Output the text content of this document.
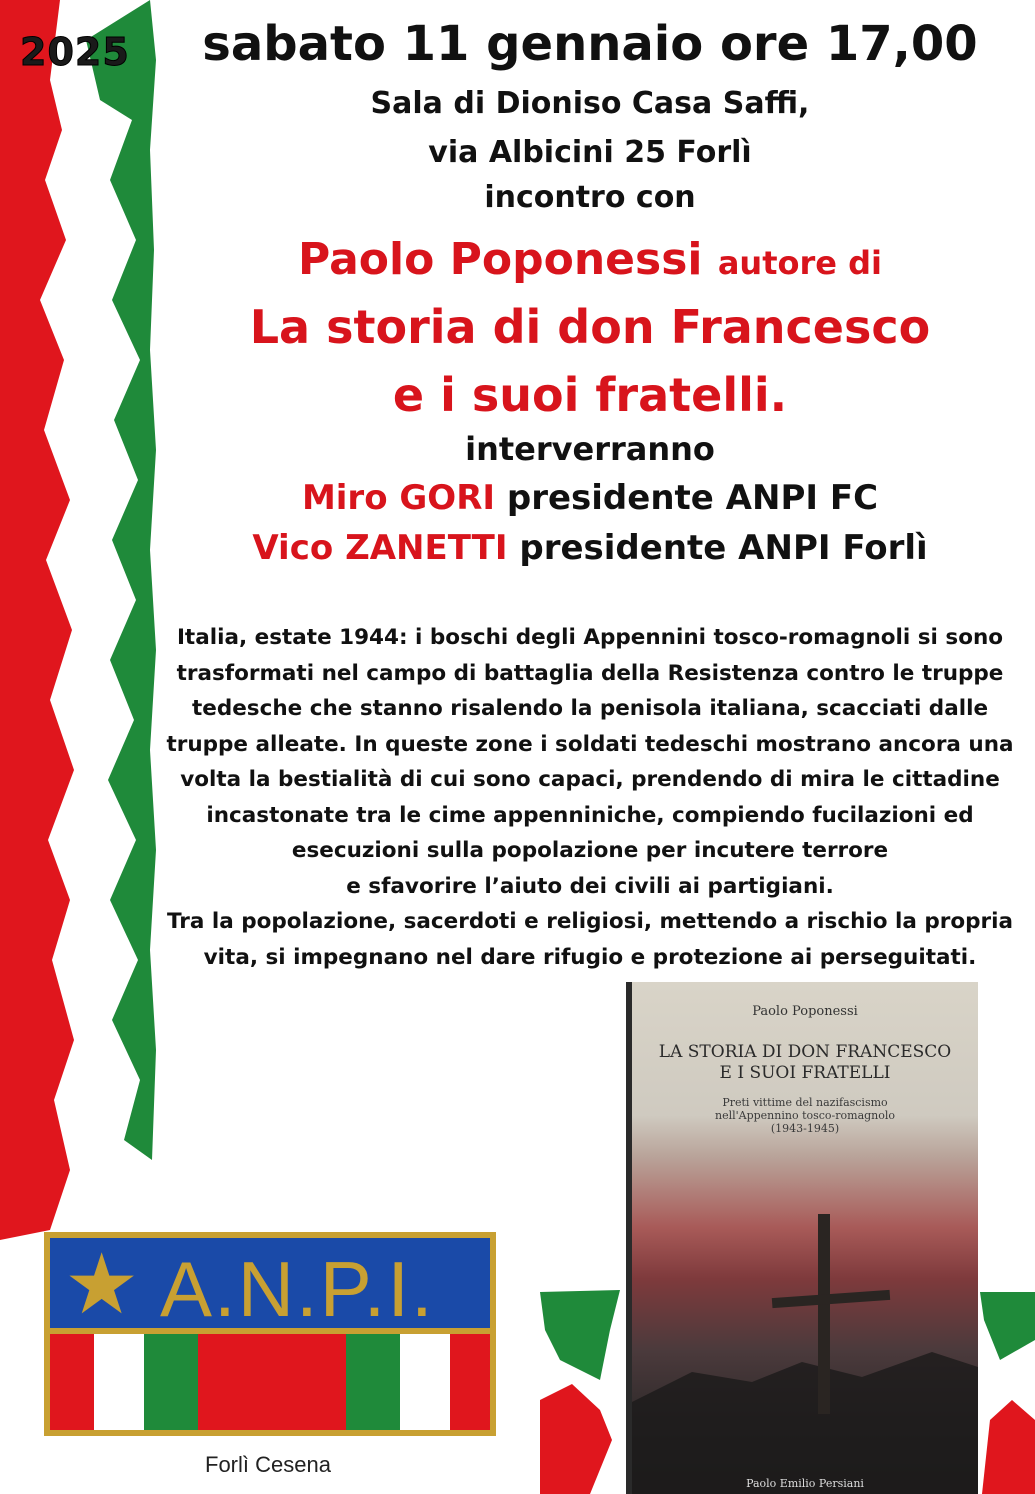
2025	sabato 11 gennaio ore 17,00
Sala di Dioniso Casa Saffi,
via Albicini 25 Forlì
incontro con
Paolo Poponessi autore di
La storia di don Francesco
e i suoi fratelli.
interverranno
Miro GORI presidente ANPI FC
Vico ZANETTI presidente ANPI Forlì

Italia, estate 1944: i boschi degli Appennini tosco-romagnoli si sono

trasformati nel campo di battaglia della Resistenza contro le truppe

tedesche che stanno risalendo la penisola italiana, scacciati dalle

truppe alleate. In queste zone i soldati tedeschi mostrano ancora una

volta la bestialità di cui sono capaci, prendendo di mira le cittadine

incastonate tra le cime appenniniche, compiendo fucilazioni ed

esecuzioni sulla popolazione per incutere terrore

e sfavorire l’aiuto dei civili ai partigiani.

Tra la popolazione, sacerdoti e religiosi, mettendo a rischio la propria

vita, si impegnano nel dare rifugio e protezione ai perseguitati.

★ A.N.P.I.
Forlì Cesena
Paolo Poponessi
LA STORIA DI DON FRANCESCO
E I SUOI FRATELLI
Preti vittime del nazifascismo
nell'Appennino tosco-romagnolo
(1943-1945)
Paolo Emilio Persiani
